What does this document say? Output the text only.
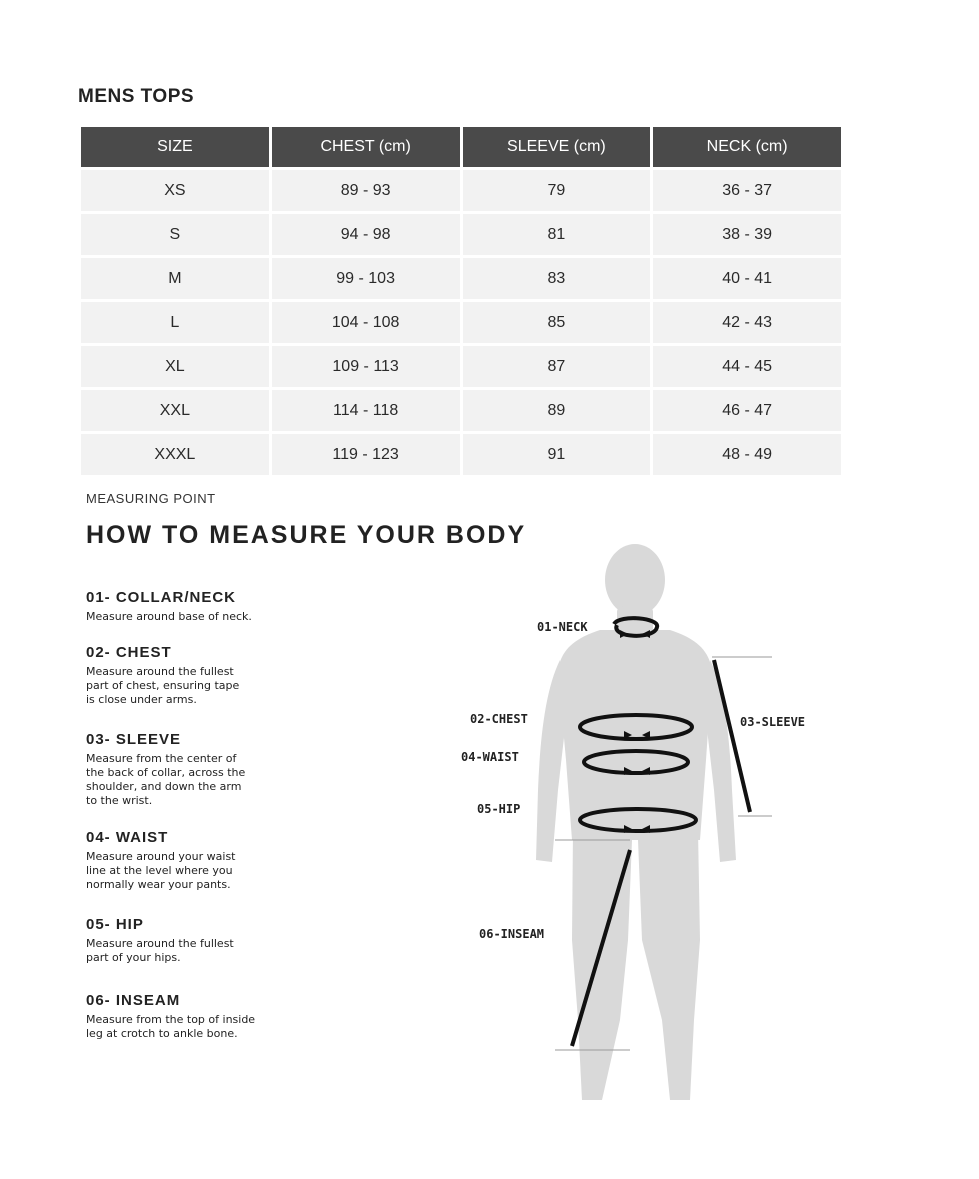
MENS TOPS
SIZE	CHEST (cm)	SLEEVE (cm)	NECK (cm)
XS	89 - 93	79	36 - 37
S	94 - 98	81	38 - 39
M	99 - 103	83	40 - 41
L	104 - 108	85	42 - 43
XL	109 - 113	87	44 - 45
XXL	114 - 118	89	46 - 47
XXXL	119 - 123	91	48 - 49
MEASURING POINT
HOW TO MEASURE YOUR BODY
01- COLLAR/NECK
Measure around base of neck.
02- CHEST
Measure around the fullest
part of chest, ensuring tape
is close under arms.
03- SLEEVE
Measure from the center of
the back of collar, across the
shoulder, and down the arm
to the wrist.
04- WAIST
Measure around your waist
line at the level where you
normally wear your pants.
05- HIP
Measure around the fullest
part of your hips.
06- INSEAM
Measure from the top of inside
leg at crotch to ankle bone.
01-NECK
02-CHEST	03-SLEEVE
04-WAIST
05-HIP
06-INSEAM
